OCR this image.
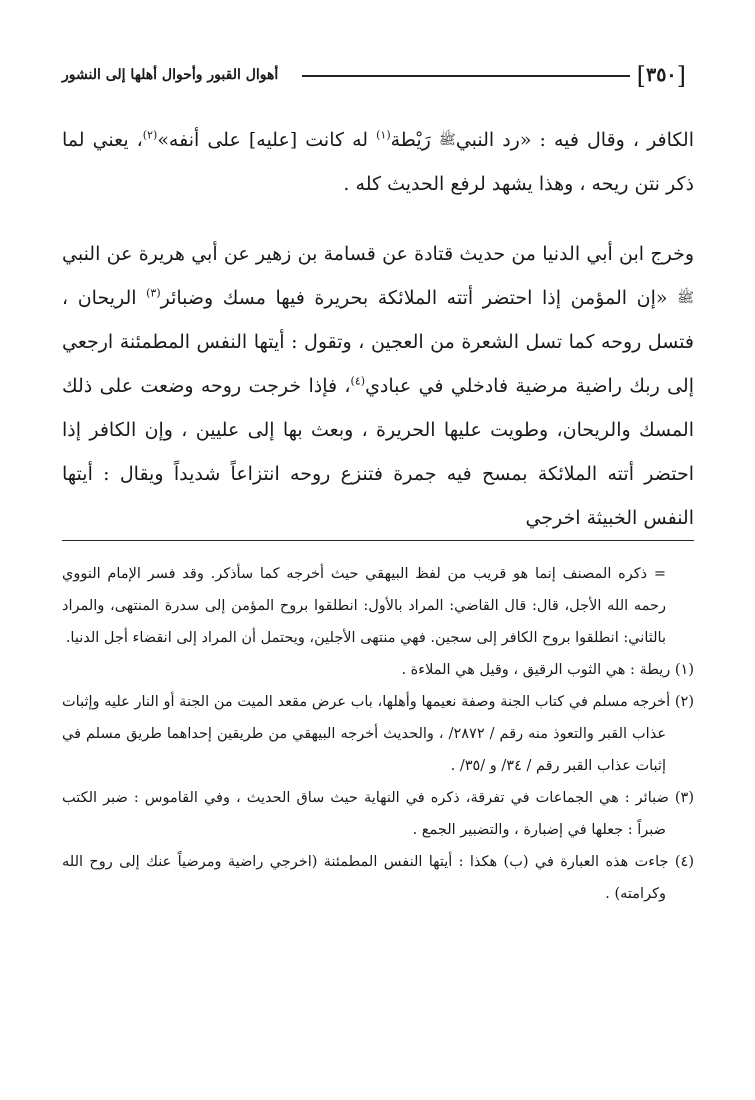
[٣٥٠]
أهوال القبور وأحوال أهلها إلى النشور

الكافر ، وقال فيه : «رد النبيﷺ رَيْطة$^{(١)}$ له كانت [عليه] على أنفه»$^{(٢)}$، يعني لما ذكر نتن ريحه ، وهذا يشهد لرفع الحديث كله .

وخرج ابن أبي الدنيا من حديث قتادة عن قسامة بن زهير عن أبي هريرة عن النبي ﷺ «إن المؤمن إذا احتضر أتته الملائكة بحريرة فيها مسك وضبائر$^{(٣)}$ الريحان ، فتسل روحه كما تسل الشعرة من العجين ، وتقول : أيتها النفس المطمئنة ارجعي إلى ربك راضية مرضية فادخلي في عبادي$^{(٤)}$، فإذا خرجت روحه وضعت على ذلك المسك والريحان، وطويت عليها الحريرة ، وبعث بها إلى عليين ، وإن الكافر إذا احتضر أتته الملائكة بمسح فيه جمرة فتنزع روحه انتزاعاً شديداً ويقال : أيتها النفس الخبيثة اخرجي

= ذكره المصنف إنما هو قريب من لفظ البيهقي حيث أخرجه كما سأذكر. وقد فسر الإمام النووي رحمه الله الأجل، قال: قال القاضي: المراد بالأول: انطلقوا بروح المؤمن إلى سدرة المنتهى، والمراد بالثاني: انطلقوا بروح الكافر إلى سجين. فهي منتهى الأجلين، ويحتمل أن المراد إلى انقضاء أجل الدنيا.

(١) ريطة : هي الثوب الرقيق ، وقيل هي الملاءة .

(٢) أخرجه مسلم في كتاب الجنة وصفة نعيمها وأهلها، باب عرض مقعد الميت من الجنة أو النار عليه وإثبات عذاب القبر والتعوذ منه رقم / ٢٨٧٢/ ، والحديث أخرجه البيهقي من طريقين إحداهما طريق مسلم في إثبات عذاب القبر رقم / ٣٤/ و /٣٥/ .

(٣) ضبائر : هي الجماعات في تفرقة، ذكره في النهاية حيث ساق الحديث ، وفي القاموس : ضبر الكتب ضبراً : جعلها في إضبارة ، والتضبير الجمع .

(٤) جاءت هذه العبارة في (ب) هكذا : أيتها النفس المطمئنة (اخرجي راضية ومرضياً عنك إلى روح الله وكرامته) .
